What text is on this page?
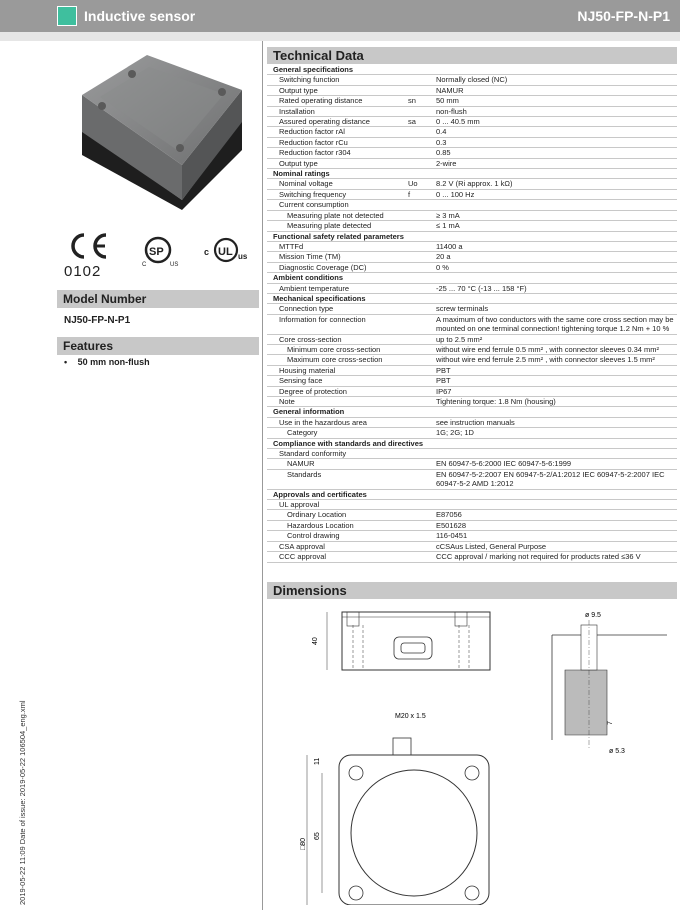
Inductive sensor	NJ50-FP-N-P1
2019-05-22 11:09 Date of issue: 2019-05-22 106504_eng.xml
0102
SP
C	US
c UL us
Model Number
NJ50-FP-N-P1
Features
• 50 mm non-flush
Technical Data
General specifications
Switching function	Normally closed (NC)
Output type	NAMUR
Rated operating distance	sn	50 mm
Installation	non-flush
Assured operating distance	sa	0 ... 40.5 mm
Reduction factor rAl	0.4
Reduction factor rCu	0.3
Reduction factor r304	0.85
Output type	2-wire
Nominal ratings
Nominal voltage	Uo 8.2 V (Ri approx. 1 kΩ)
Switching frequency	f	0 ... 100 Hz
Current consumption

Measuring plate not detected	≥ 3 mA
Measuring plate detected	≤ 1 mA
Functional safety related parameters
MTTFd	11400 a
Mission Time (TM)	20 a
Diagnostic Coverage (DC)	0 %
Ambient conditions
Ambient temperature	-25 ... 70 °C (-13 ... 158 °F)
Mechanical specifications
Connection type	screw terminals
Information for connection	A maximum of two conductors with the same core cross section may be mounted on one terminal connection! tightening torque 1.2 Nm + 10 %
Core cross-section	up to 2.5 mm²
Minimum core cross-section	without wire end ferrule 0.5 mm² , with connector sleeves 0.34 mm²
Maximum core cross-section	without wire end ferrule 2.5 mm² , with connector sleeves 1.5 mm²
Housing material	PBT
Sensing face	PBT
Degree of protection	IP67
Note	Tightening torque: 1.8 Nm (housing)
General information
Use in the hazardous area	see instruction manuals
Category	1G; 2G; 1D
Compliance with standards and directives
Standard conformity

NAMUR	EN 60947-5-6:2000 IEC 60947-5-6:1999
Standards	EN 60947-5-2:2007 EN 60947-5-2/A1:2012 IEC 60947-5-2:2007 IEC 60947-5-2 AMD 1:2012
Approvals and certificates
UL approval

Ordinary Location	E87056
Hazardous Location	E501628
Control drawing	116-0451
CSA approval	cCSAus Listed, General Purpose
CCC approval	CCC approval / marking not required for products rated ≤36 V
Dimensions
40
ø 9.5
7
ø 5.3
M20 x 1.5
11
□80
65
